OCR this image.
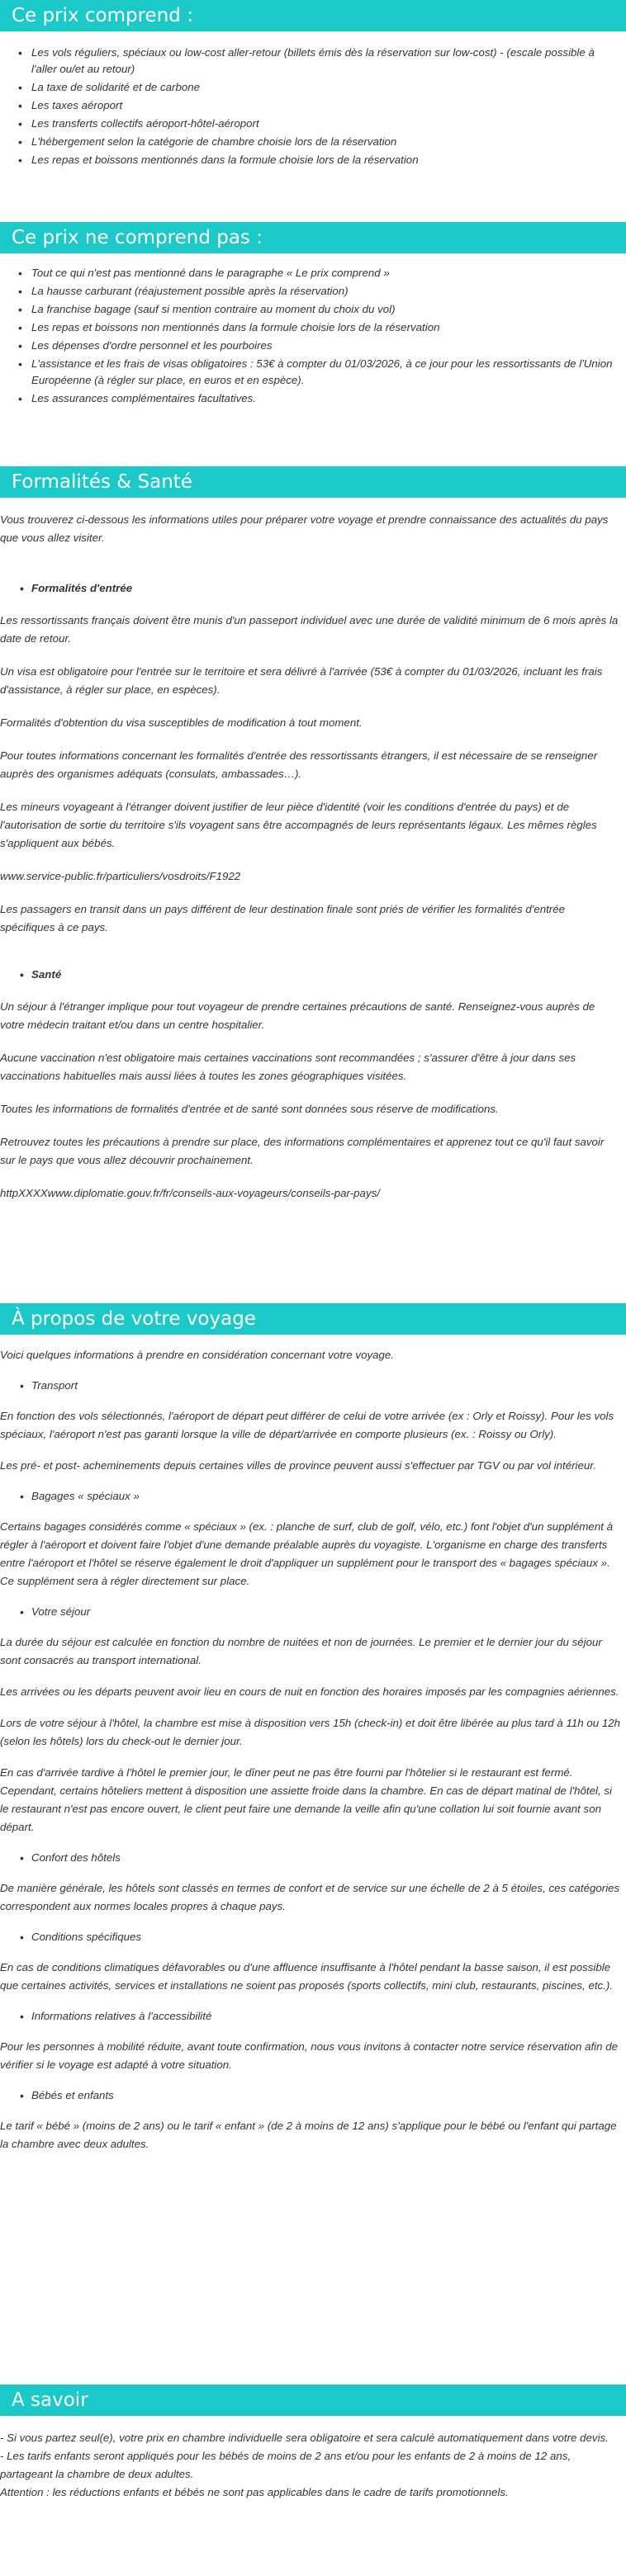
Ce prix comprend :
• Les vols réguliers, spéciaux ou low-cost aller-retour (billets émis dès la réservation sur low-cost) - (escale possible à l'aller ou/et au retour)
• La taxe de solidarité et de carbone
• Les taxes aéroport
• Les transferts collectifs aéroport-hôtel-aéroport
• L'hébergement selon la catégorie de chambre choisie lors de la réservation
• Les repas et boissons mentionnés dans la formule choisie lors de la réservation
Ce prix ne comprend pas :
• Tout ce qui n'est pas mentionné dans le paragraphe « Le prix comprend »
• La hausse carburant (réajustement possible après la réservation)
• La franchise bagage (sauf si mention contraire au moment du choix du vol)
• Les repas et boissons non mentionnés dans la formule choisie lors de la réservation
• Les dépenses d'ordre personnel et les pourboires
• L'assistance et les frais de visas obligatoires : 53€ à compter du 01/03/2026, à ce jour pour les ressortissants de l'Union Européenne (à régler sur place, en euros et en espèce).
• Les assurances complémentaires facultatives.
Formalités & Santé

Vous trouverez ci-dessous les informations utiles pour préparer votre voyage et prendre connaissance des actualités du pays que vous allez visiter.

• Formalités d'entrée

Les ressortissants français doivent être munis d'un passeport individuel avec une durée de validité minimum de 6 mois après la date de retour.

Un visa est obligatoire pour l'entrée sur le territoire et sera délivré à l'arrivée (53€ à compter du 01/03/2026, incluant les frais d'assistance, à régler sur place, en espèces).

Formalités d'obtention du visa susceptibles de modification à tout moment.

Pour toutes informations concernant les formalités d'entrée des ressortissants étrangers, il est nécessaire de se renseigner auprès des organismes adéquats (consulats, ambassades…).

Les mineurs voyageant à l'étranger doivent justifier de leur pièce d'identité (voir les conditions d'entrée du pays) et de l'autorisation de sortie du territoire s'ils voyagent sans être accompagnés de leurs représentants légaux. Les mêmes règles s'appliquent aux bébés.

www.service-public.fr/particuliers/vosdroits/F1922

Les passagers en transit dans un pays différent de leur destination finale sont priés de vérifier les formalités d'entrée spécifiques à ce pays.

• Santé

Un séjour à l'étranger implique pour tout voyageur de prendre certaines précautions de santé. Renseignez-vous auprès de votre médecin traitant et/ou dans un centre hospitalier.

Aucune vaccination n'est obligatoire mais certaines vaccinations sont recommandées ; s'assurer d'être à jour dans ses vaccinations habituelles mais aussi liées à toutes les zones géographiques visitées.

Toutes les informations de formalités d'entrée et de santé sont données sous réserve de modifications.

Retrouvez toutes les précautions à prendre sur place, des informations complémentaires et apprenez tout ce qu'il faut savoir sur le pays que vous allez découvrir prochainement.

httpXXXXwww.diplomatie.gouv.fr/fr/conseils-aux-voyageurs/conseils-par-pays/

À propos de votre voyage

Voici quelques informations à prendre en considération concernant votre voyage.

• Transport

En fonction des vols sélectionnés, l'aéroport de départ peut différer de celui de votre arrivée (ex : Orly et Roissy). Pour les vols spéciaux, l'aéroport n'est pas garanti lorsque la ville de départ/arrivée en comporte plusieurs (ex. : Roissy ou Orly).

Les pré- et post- acheminements depuis certaines villes de province peuvent aussi s'effectuer par TGV ou par vol intérieur.

• Bagages « spéciaux »

Certains bagages considérés comme « spéciaux » (ex. : planche de surf, club de golf, vélo, etc.) font l'objet d'un supplément à régler à l'aéroport et doivent faire l'objet d'une demande préalable auprès du voyagiste. L'organisme en charge des transferts entre l'aéroport et l'hôtel se réserve également le droit d'appliquer un supplément pour le transport des « bagages spéciaux ». Ce supplément sera à régler directement sur place.

• Votre séjour

La durée du séjour est calculée en fonction du nombre de nuitées et non de journées. Le premier et le dernier jour du séjour sont consacrés au transport international.

Les arrivées ou les départs peuvent avoir lieu en cours de nuit en fonction des horaires imposés par les compagnies aériennes.

Lors de votre séjour à l'hôtel, la chambre est mise à disposition vers 15h (check-in) et doit être libérée au plus tard à 11h ou 12h (selon les hôtels) lors du check-out le dernier jour.

En cas d'arrivée tardive à l'hôtel le premier jour, le dîner peut ne pas être fourni par l'hôtelier si le restaurant est fermé. Cependant, certains hôteliers mettent à disposition une assiette froide dans la chambre. En cas de départ matinal de l'hôtel, si le restaurant n'est pas encore ouvert, le client peut faire une demande la veille afin qu'une collation lui soit fournie avant son départ.

• Confort des hôtels

De manière générale, les hôtels sont classés en termes de confort et de service sur une échelle de 2 à 5 étoiles, ces catégories correspondent aux normes locales propres à chaque pays.

• Conditions spécifiques

En cas de conditions climatiques défavorables ou d'une affluence insuffisante à l'hôtel pendant la basse saison, il est possible que certaines activités, services et installations ne soient pas proposés (sports collectifs, mini club, restaurants, piscines, etc.).

• Informations relatives à l'accessibilité

Pour les personnes à mobilité réduite, avant toute confirmation, nous vous invitons à contacter notre service réservation afin de vérifier si le voyage est adapté à votre situation.

• Bébés et enfants

Le tarif « bébé » (moins de 2 ans) ou le tarif « enfant » (de 2 à moins de 12 ans) s'applique pour le bébé ou l'enfant qui partage la chambre avec deux adultes.

A savoir

- Si vous partez seul(e), votre prix en chambre individuelle sera obligatoire et sera calculé automatiquement dans votre devis.

- Les tarifs enfants seront appliqués pour les bébés de moins de 2 ans et/ou pour les enfants de 2 à moins de 12 ans, partageant la chambre de deux adultes.

Attention : les réductions enfants et bébés ne sont pas applicables dans le cadre de tarifs promotionnels.
